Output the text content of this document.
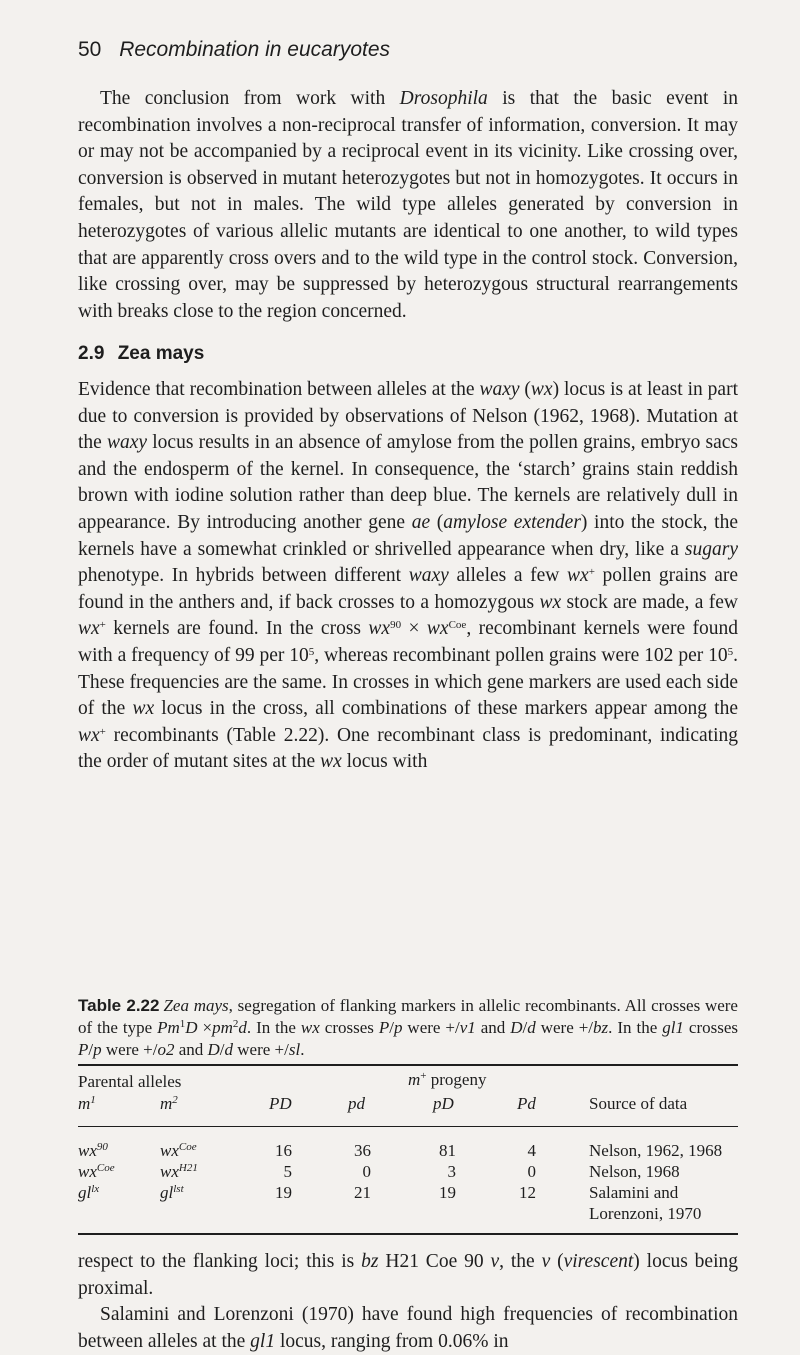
50 Recombination in eucaryotes

The conclusion from work with Drosophila is that the basic event in recombination involves a non-reciprocal transfer of information, conversion. It may or may not be accompanied by a reciprocal event in its vicinity. Like crossing over, conversion is observed in mutant heterozygotes but not in homozygotes. It occurs in females, but not in males. The wild type alleles generated by conversion in heterozygotes of various allelic mutants are identical to one another, to wild types that are apparently cross overs and to the wild type in the control stock. Conversion, like crossing over, may be suppressed by heterozygous structural rearrangements with breaks close to the region concerned.

2.9 Zea mays

Evidence that recombination between alleles at the waxy (wx) locus is at least in part due to conversion is provided by observations of Nelson (1962, 1968). Mutation at the waxy locus results in an absence of amylose from the pollen grains, embryo sacs and the endosperm of the kernel. In consequence, the ‘starch’ grains stain reddish brown with iodine solution rather than deep blue. The kernels are relatively dull in appearance. By introducing another gene ae (amylose extender) into the stock, the kernels have a somewhat crinkled or shrivelled appearance when dry, like a sugary phenotype. In hybrids between different waxy alleles a few wx+ pollen grains are found in the anthers and, if back crosses to a homozygous wx stock are made, a few wx+ kernels are found. In the cross $wx^{90} \times wx^{Coe}$, recombinant kernels were found with a frequency of 99 per $10^5$, whereas recombinant pollen grains were 102 per $10^5$. These frequencies are the same. In crosses in which gene markers are used each side of the wx locus in the cross, all combinations of these markers appear among the wx+ recombinants (Table 2.22). One recombinant class is predominant, indicating the order of mutant sites at the wx locus with

Table 2.22 Zea mays, segregation of flanking markers in allelic recombinants. All crosses were of the type $Pm^1D \times pm^2d$. In the wx crosses P/p were +/v1 and D/d were +/bz. In the gl1 crosses P/p were +/o2 and D/d were +/sl.

Parental alleles	m+ progeny
$m^1$	$m^2$	PD	pd	pD	Pd	Source of data
$wx^{90}$	$wx^{Coe}$	16	36	81	4	Nelson, 1962, 1968
$wx^{Coe}$	$wx^{H21}$	5	0	3	0	Nelson, 1968
$gl^{lx}$	$gl^{lst}$	19	21	19	12	Salamini and
Lorenzoni, 1970

respect to the flanking loci; this is bz H21 Coe 90 v, the v (virescent) locus being proximal.

Salamini and Lorenzoni (1970) have found high frequencies of recombination between alleles at the gl1 locus, ranging from 0.06% in
